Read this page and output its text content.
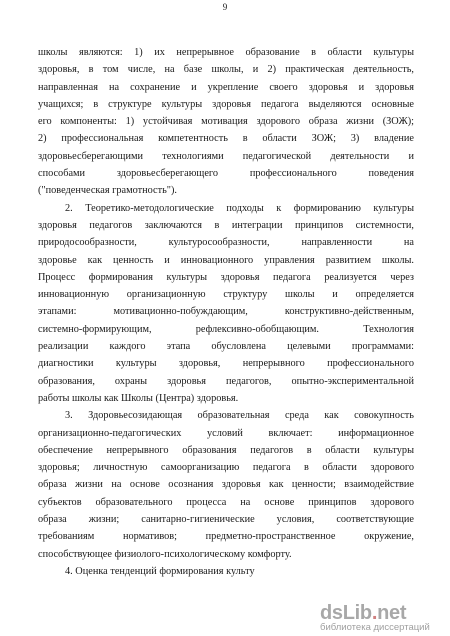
9
школы являются: 1) их непрерывное образование в области культуры
здоровья, в том числе, на базе школы, и 2) практическая деятельность,
направленная на сохранение и укрепление своего здоровья и здоровья
учащихся; в структуре культуры здоровья педагога выделяются основные
его компоненты: 1) устойчивая мотивация здорового образа жизни (ЗОЖ);
2) профессиональная компетентность в области ЗОЖ; 3) владение
здоровьесберегающими технологиями педагогической деятельности и
способами здоровьесберегающего профессионального поведения
("поведенческая грамотность").
2. Теоретико-методологические подходы к формированию культуры
здоровья педагогов заключаются в интеграции принципов системности,
природосообразности, культуросообразности, направленности на
здоровье как ценность и инновационного управления развитием школы.
Процесс формирования культуры здоровья педагога реализуется через
инновационную организационную структуру школы и определяется
этапами: мотивационно-побуждающим, конструктивно-действенным,
системно-формирующим, рефлексивно-обобщающим. Технология
реализации каждого этапа обусловлена целевыми программами:
диагностики культуры здоровья, непрерывного профессионального
образования, охраны здоровья педагогов, опытно-экспериментальной
работы школы как Школы (Центра) здоровья.
3. Здоровьесозидающая образовательная среда как совокупность
организационно-педагогических условий включает: информационное
обеспечение непрерывного образования педагогов в области культуры
здоровья; личностную самоорганизацию педагога в области здорового
образа жизни на основе осознания здоровья как ценности; взаимодействие
субъектов образовательного процесса на основе принципов здорового
образа жизни; санитарно-гигиенические условия, соответствующие
требованиям нормативов; предметно-пространственное окружение,
способствующее физиолого-психологическому комфорту.
4. Оценка тенденций формирования культу
dsLib.net
библиотека диссертаций
